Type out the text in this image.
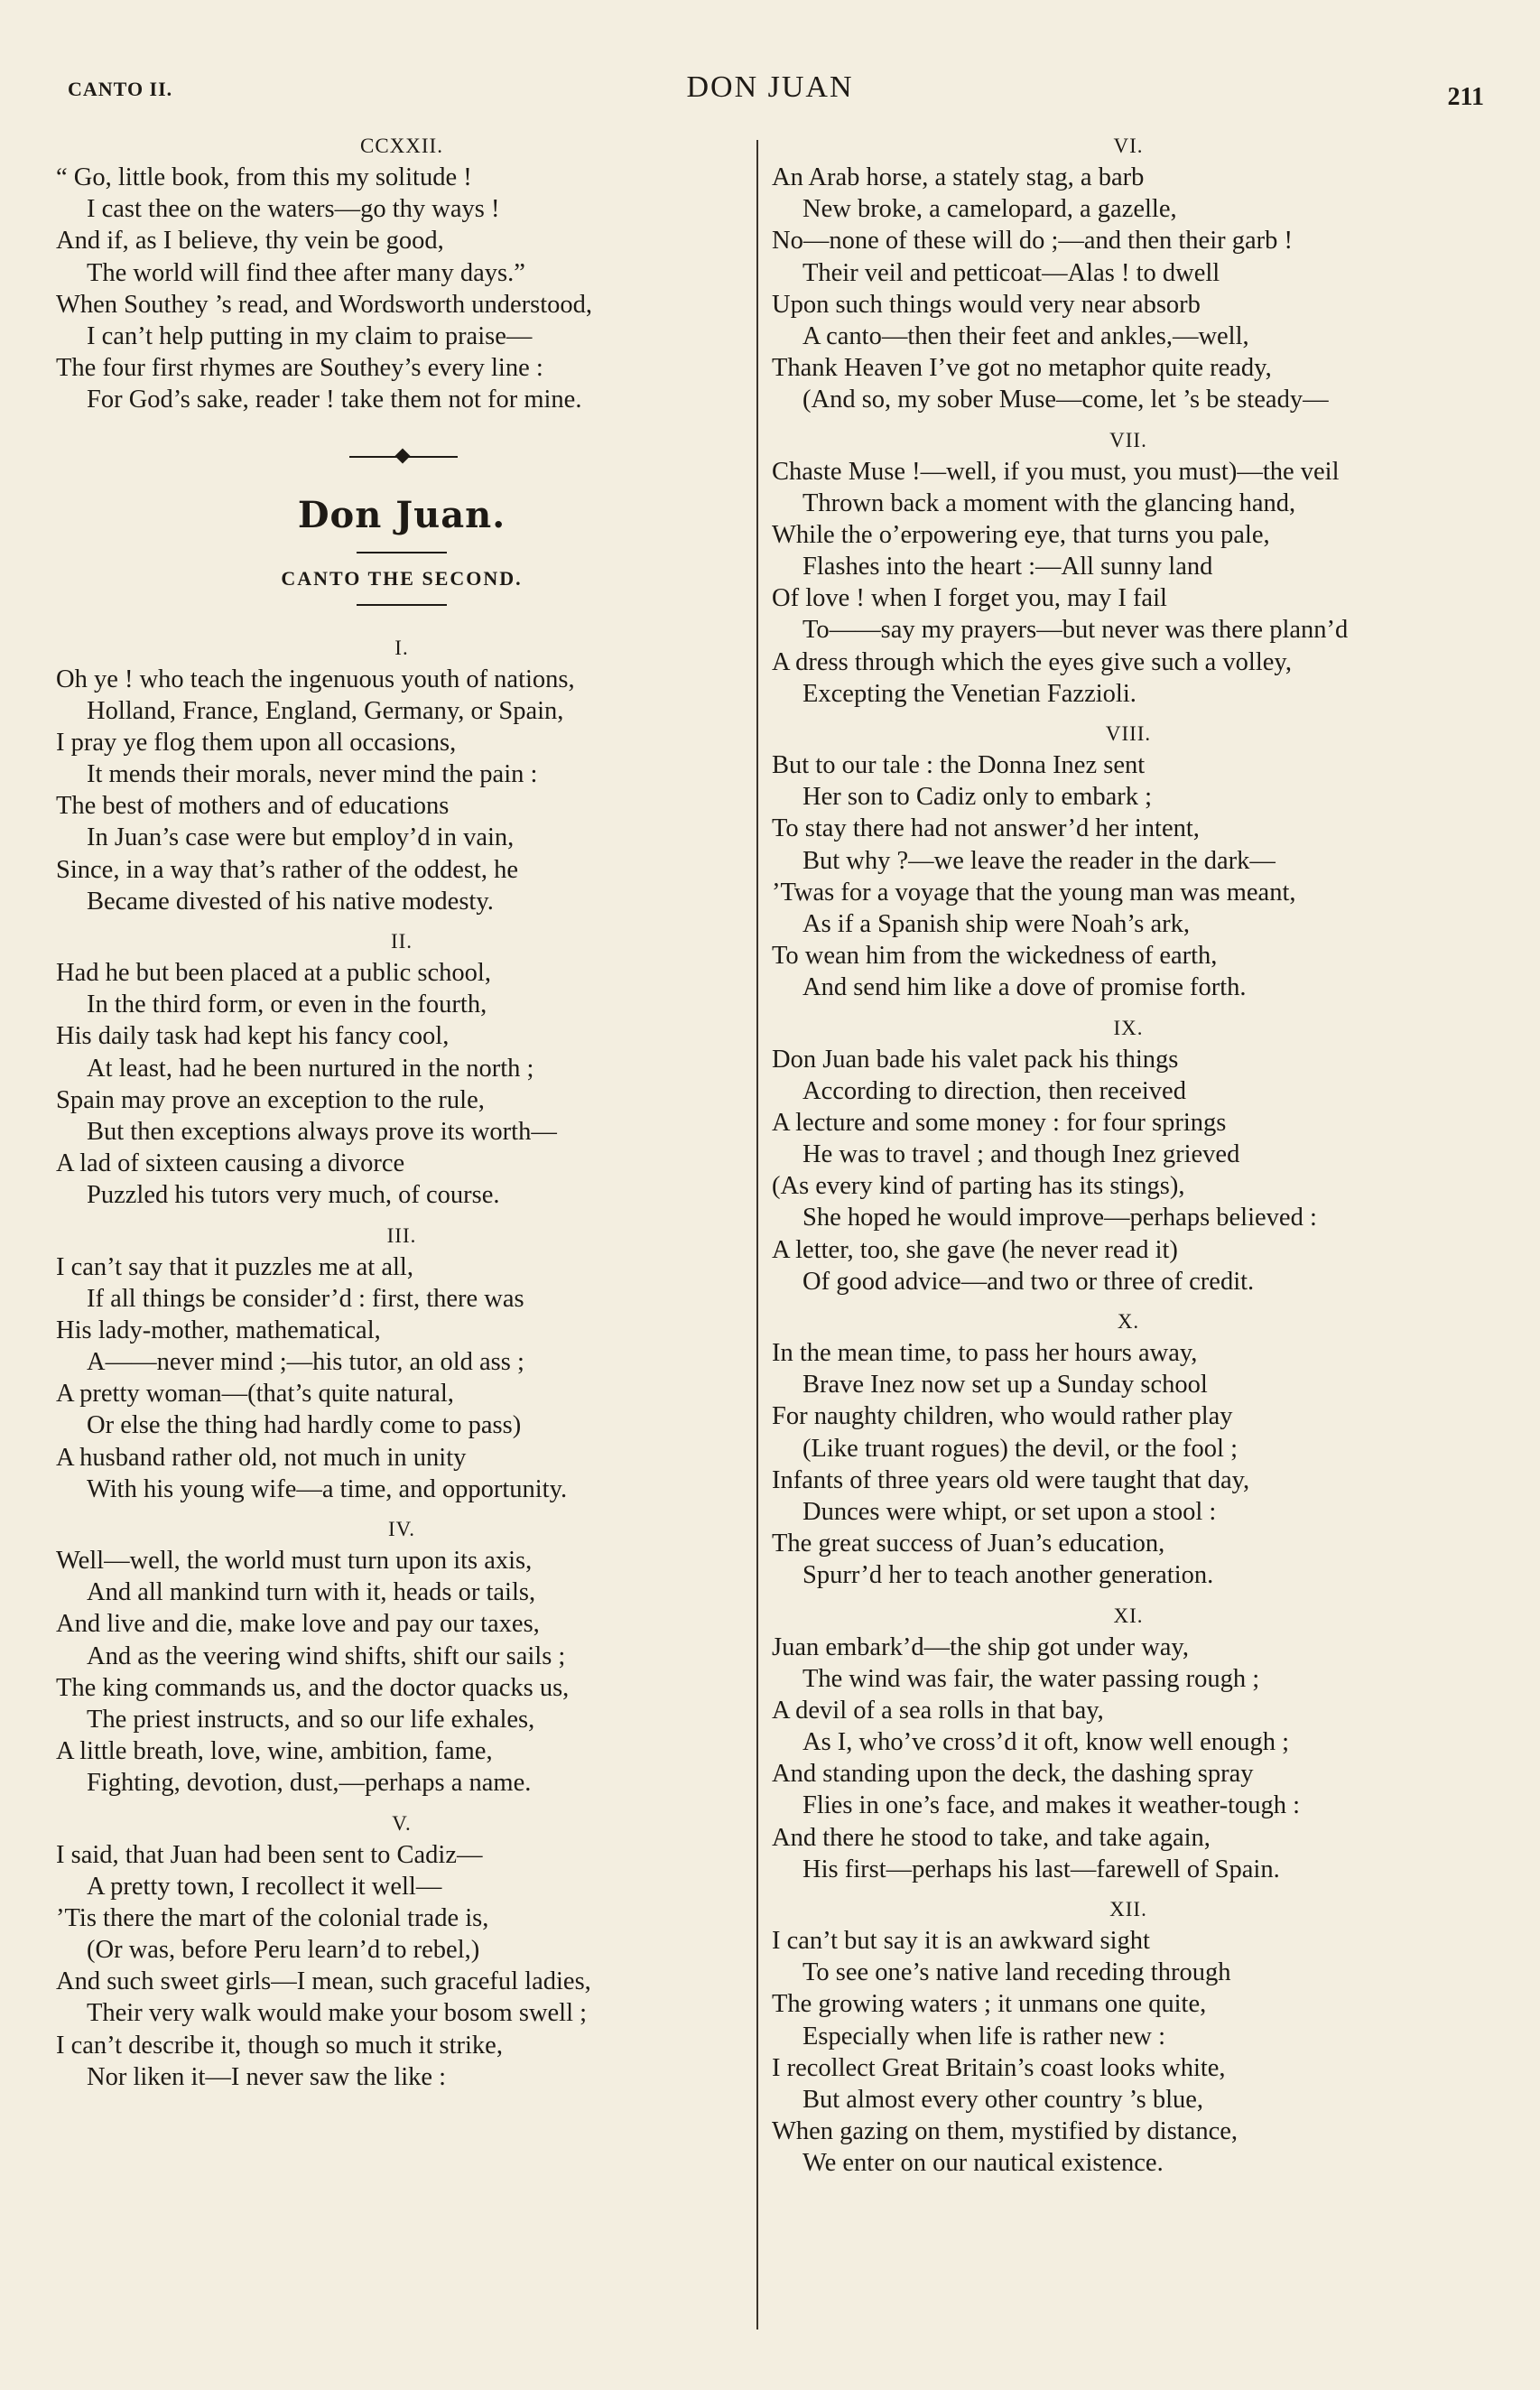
CANTO II.	DON JUAN	211
CCXXII.
“ Go, little book, from this my solitude !
I cast thee on the waters—go thy ways !
And if, as I believe, thy vein be good,
The world will find thee after many days.”
When Southey ’s read, and Wordsworth understood,
I can’t help putting in my claim to praise—
The four first rhymes are Southey’s every line :
For God’s sake, reader ! take them not for mine.
Don Juan.
CANTO THE SECOND.
I.
Oh ye ! who teach the ingenuous youth of nations,
Holland, France, England, Germany, or Spain,
I pray ye flog them upon all occasions,
It mends their morals, never mind the pain :
The best of mothers and of educations
In Juan’s case were but employ’d in vain,
Since, in a way that’s rather of the oddest, he
Became divested of his native modesty.
II.
Had he but been placed at a public school,
In the third form, or even in the fourth,
His daily task had kept his fancy cool,
At least, had he been nurtured in the north ;
Spain may prove an exception to the rule,
But then exceptions always prove its worth—
A lad of sixteen causing a divorce
Puzzled his tutors very much, of course.
III.
I can’t say that it puzzles me at all,
If all things be consider’d : first, there was
His lady-mother, mathematical,
A——never mind ;—his tutor, an old ass ;
A pretty woman—(that’s quite natural,
Or else the thing had hardly come to pass)
A husband rather old, not much in unity
With his young wife—a time, and opportunity.
IV.
Well—well, the world must turn upon its axis,
And all mankind turn with it, heads or tails,
And live and die, make love and pay our taxes,
And as the veering wind shifts, shift our sails ;
The king commands us, and the doctor quacks us,
The priest instructs, and so our life exhales,
A little breath, love, wine, ambition, fame,
Fighting, devotion, dust,—perhaps a name.
V.
I said, that Juan had been sent to Cadiz—
A pretty town, I recollect it well—
’Tis there the mart of the colonial trade is,
(Or was, before Peru learn’d to rebel,)
And such sweet girls—I mean, such graceful ladies,
Their very walk would make your bosom swell ;
I can’t describe it, though so much it strike,
Nor liken it—I never saw the like :
VI.
An Arab horse, a stately stag, a barb
New broke, a camelopard, a gazelle,
No—none of these will do ;—and then their garb !
Their veil and petticoat—Alas ! to dwell
Upon such things would very near absorb
A canto—then their feet and ankles,—well,
Thank Heaven I’ve got no metaphor quite ready,
(And so, my sober Muse—come, let ’s be steady—
VII.
Chaste Muse !—well, if you must, you must)—the veil
Thrown back a moment with the glancing hand,
While the o’erpowering eye, that turns you pale,
Flashes into the heart :—All sunny land
Of love ! when I forget you, may I fail
To——say my prayers—but never was there plann’d
A dress through which the eyes give such a volley,
Excepting the Venetian Fazzioli.
VIII.
But to our tale : the Donna Inez sent
Her son to Cadiz only to embark ;
To stay there had not answer’d her intent,
But why ?—we leave the reader in the dark—
’Twas for a voyage that the young man was meant,
As if a Spanish ship were Noah’s ark,
To wean him from the wickedness of earth,
And send him like a dove of promise forth.
IX.
Don Juan bade his valet pack his things
According to direction, then received
A lecture and some money : for four springs
He was to travel ; and though Inez grieved
(As every kind of parting has its stings),
She hoped he would improve—perhaps believed :
A letter, too, she gave (he never read it)
Of good advice—and two or three of credit.
X.
In the mean time, to pass her hours away,
Brave Inez now set up a Sunday school
For naughty children, who would rather play
(Like truant rogues) the devil, or the fool ;
Infants of three years old were taught that day,
Dunces were whipt, or set upon a stool :
The great success of Juan’s education,
Spurr’d her to teach another generation.
XI.
Juan embark’d—the ship got under way,
The wind was fair, the water passing rough ;
A devil of a sea rolls in that bay,
As I, who’ve cross’d it oft, know well enough ;
And standing upon the deck, the dashing spray
Flies in one’s face, and makes it weather-tough :
And there he stood to take, and take again,
His first—perhaps his last—farewell of Spain.
XII.
I can’t but say it is an awkward sight
To see one’s native land receding through
The growing waters ; it unmans one quite,
Especially when life is rather new :
I recollect Great Britain’s coast looks white,
But almost every other country ’s blue,
When gazing on them, mystified by distance,
We enter on our nautical existence.
